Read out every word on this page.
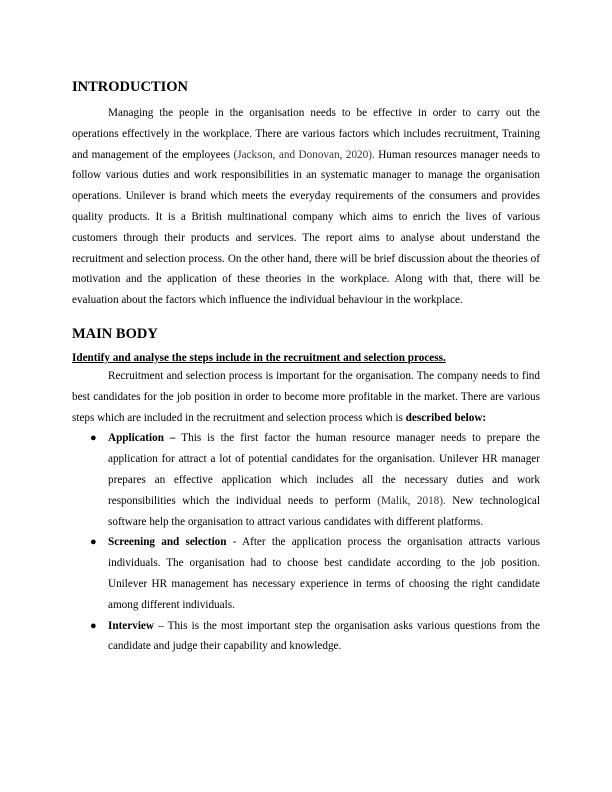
INTRODUCTION

Managing the people in the organisation needs to be effective in order to carry out the operations effectively in the workplace. There are various factors which includes recruitment, Training and management of the employees (Jackson, and Donovan, 2020). Human resources manager needs to follow various duties and work responsibilities in an systematic manager to manage the organisation operations. Unilever is brand which meets the everyday requirements of the consumers and provides quality products. It is a British multinational company which aims to enrich the lives of various customers through their products and services. The report aims to analyse about understand the recruitment and selection process. On the other hand, there will be brief discussion about the theories of motivation and the application of these theories in the workplace. Along with that, there will be evaluation about the factors which influence the individual behaviour in the workplace.

MAIN BODY
Identify and analyse the steps include in the recruitment and selection process.

Recruitment and selection process is important for the organisation. The company needs to find best candidates for the job position in order to become more profitable in the market. There are various steps which are included in the recruitment and selection process which is described below:

● Application – This is the first factor the human resource manager needs to prepare the application for attract a lot of potential candidates for the organisation. Unilever HR manager prepares an effective application which includes all the necessary duties and work responsibilities which the individual needs to perform (Malik, 2018). New technological software help the organisation to attract various candidates with different platforms.
● Screening and selection - After the application process the organisation attracts various individuals. The organisation had to choose best candidate according to the job position. Unilever HR management has necessary experience in terms of choosing the right candidate among different individuals.
● Interview – This is the most important step the organisation asks various questions from the candidate and judge their capability and knowledge.
